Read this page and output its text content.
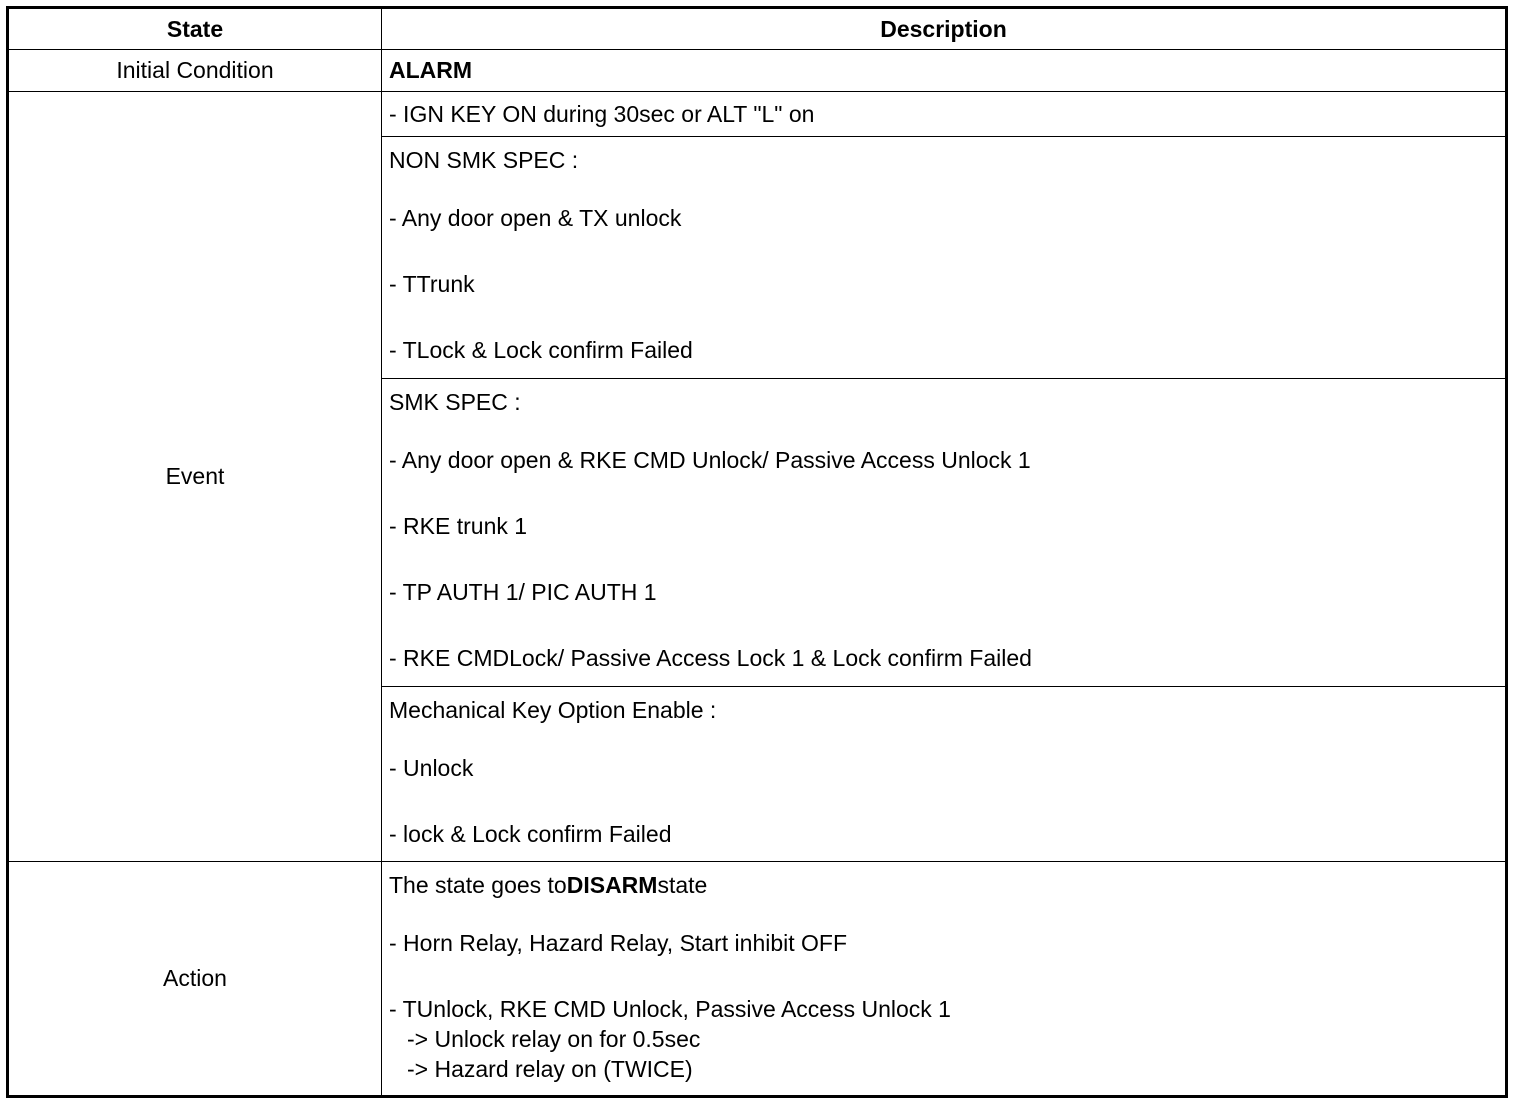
State	Description
Initial Condition	ALARM
Event	- IGN KEY ON during 30sec or ALT "L" on

	NON SMK SPEC :
- Any door open & TX unlock
- TTrunk
- TLock & Lock confirm Failed

	SMK SPEC :
- Any door open & RKE CMD Unlock/ Passive Access Unlock 1
- RKE trunk 1
- TP AUTH 1/ PIC AUTH 1
- RKE CMDLock/ Passive Access Lock 1 & Lock confirm Failed

	Mechanical Key Option Enable :
- Unlock
- lock & Lock confirm Failed

Action	The state goes toDISARMstate
- Horn Relay, Hazard Relay, Start inhibit OFF
- TUnlock, RKE CMD Unlock, Passive Access Unlock 1
-> Unlock relay on for 0.5sec
-> Hazard relay on (TWICE)
